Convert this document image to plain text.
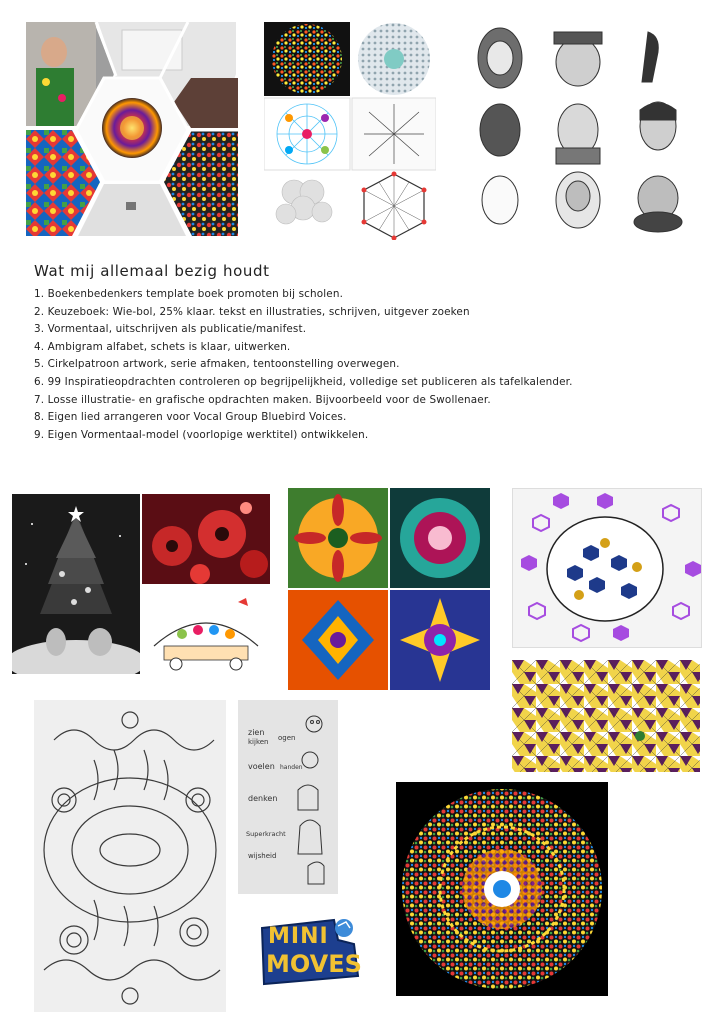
Wat mij allemaal bezig houdt
1. Boekenbedenkers template boek promoten bij scholen.
2. Keuzeboek: Wie-bol, 25% klaar. tekst en illustraties, schrijven, uitgever zoeken
3. Vormentaal, uitschrijven als publicatie/manifest.
4. Ambigram alfabet, schets is klaar, uitwerken.
5. Cirkelpatroon artwork, serie afmaken, tentoonstelling overwegen.
6. 99 Inspiratieopdrachten controleren op begrijpelijkheid, volledige set publiceren als tafelkalender.
7. Losse illustratie- en grafische opdrachten maken. Bijvoorbeeld voor de Swollenaer.
8. Eigen lied arrangeren voor Vocal Group Bluebird Voices.
9. Eigen Vormentaal-model (voorlopige werktitel) ontwikkelen.
zien
kijken ogen
voelen handen
denken
Superkracht
wijsheid
MINI
MOVES
